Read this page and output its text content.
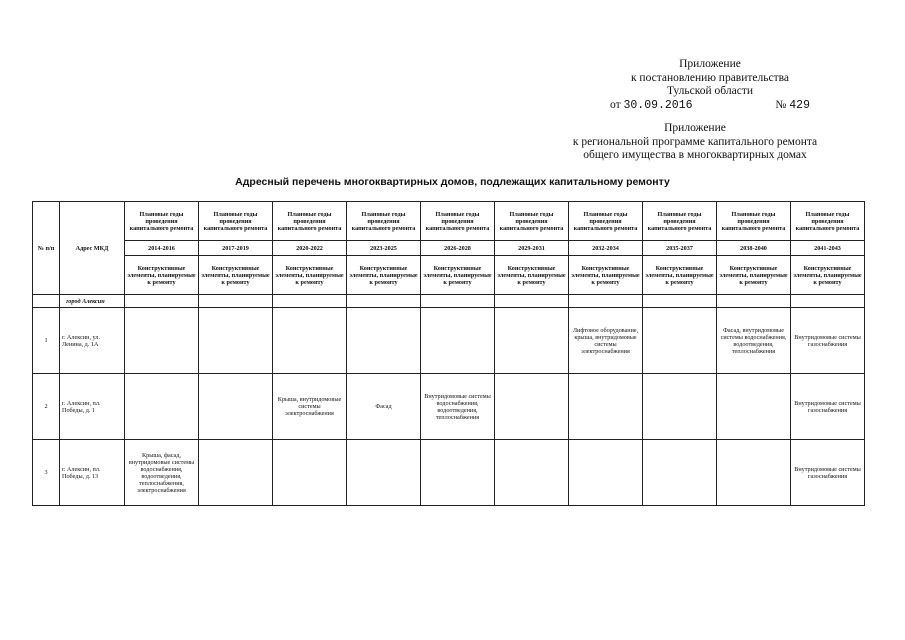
Приложение
к постановлению правительства
Тульской области
от 30.09.2016	№ 429
Приложение
к региональной программе капитального ремонта
общего имущества в многоквартирных домах
Адресный перечень многоквартирных домов, подлежащих капитальному ремонту
№ п/п	Адрес МКД	Плановые годы проведения капитального ремонта	Плановые годы проведения капитального ремонта	Плановые годы проведения капитального ремонта	Плановые годы проведения капитального ремонта	Плановые годы проведения капитального ремонта	Плановые годы проведения капитального ремонта	Плановые годы проведения капитального ремонта	Плановые годы проведения капитального ремонта	Плановые годы проведения капитального ремонта	Плановые годы проведения капитального ремонта
		2014-2016	2017-2019	2020-2022	2023-2025	2026-2028	2029-2031	2032-2034	2035-2037	2038-2040	2041-2043
		Конструктивные элементы, планируемые к ремонту	Конструктивные элементы, планируемые к ремонту	Конструктивные элементы, планируемые к ремонту	Конструктивные элементы, планируемые к ремонту	Конструктивные элементы, планируемые к ремонту	Конструктивные элементы, планируемые к ремонту	Конструктивные элементы, планируемые к ремонту	Конструктивные элементы, планируемые к ремонту	Конструктивные элементы, планируемые к ремонту	Конструктивные элементы, планируемые к ремонту
	город Алексин										
1	г. Алексин, ул. Ленина, д. 1А							Лифтовое оборудование, крыша, внутридомовые системы электроснабжения		Фасад, внутридомовые системы водоснабжения, водоотведения, теплоснабжения	Внутридомовые системы газоснабжения
2	г. Алексин, пл. Победы, д. 1			Крыша, внутридомовые системы электроснабжения	Фасад	Внутридомовые системы водоснабжения, водоотведения, теплоснабжения					Внутридомовые системы газоснабжения
3	г. Алексин, пл. Победы, д. 13	Крыша, фасад, внутридомовые системы водоснабжения, водоотведения, теплоснабжения, электроснабжения									Внутридомовые системы газоснабжения
